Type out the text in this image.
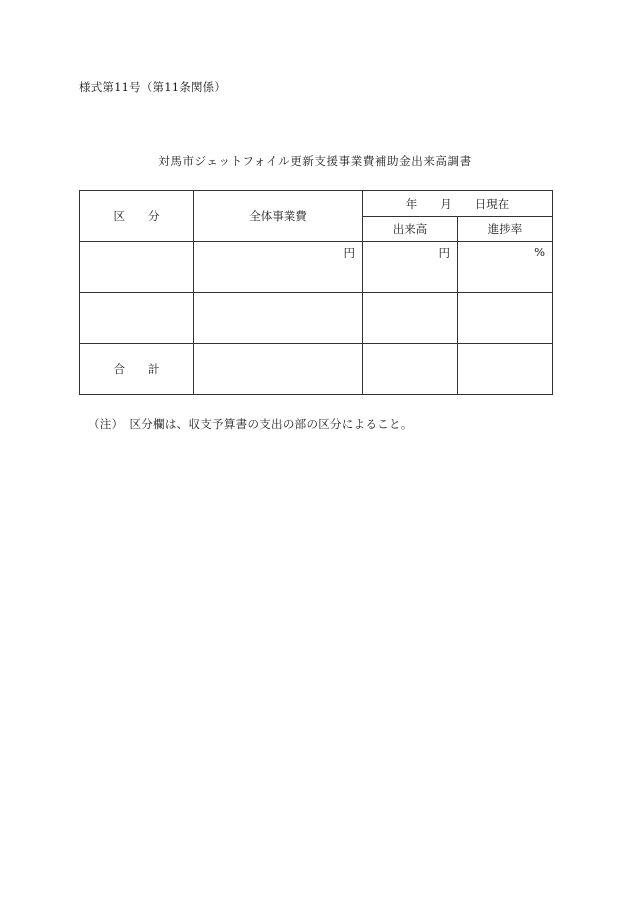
様式第11号（第11条関係）
対馬市ジェットフォイル更新支援事業費補助金出来高調書
区　　分	全体事業費	年　　月　　日現在	
		出来高	進捗率
	円	円	%

合　　計			
（注）　区分欄は、収支予算書の支出の部の区分によること。
